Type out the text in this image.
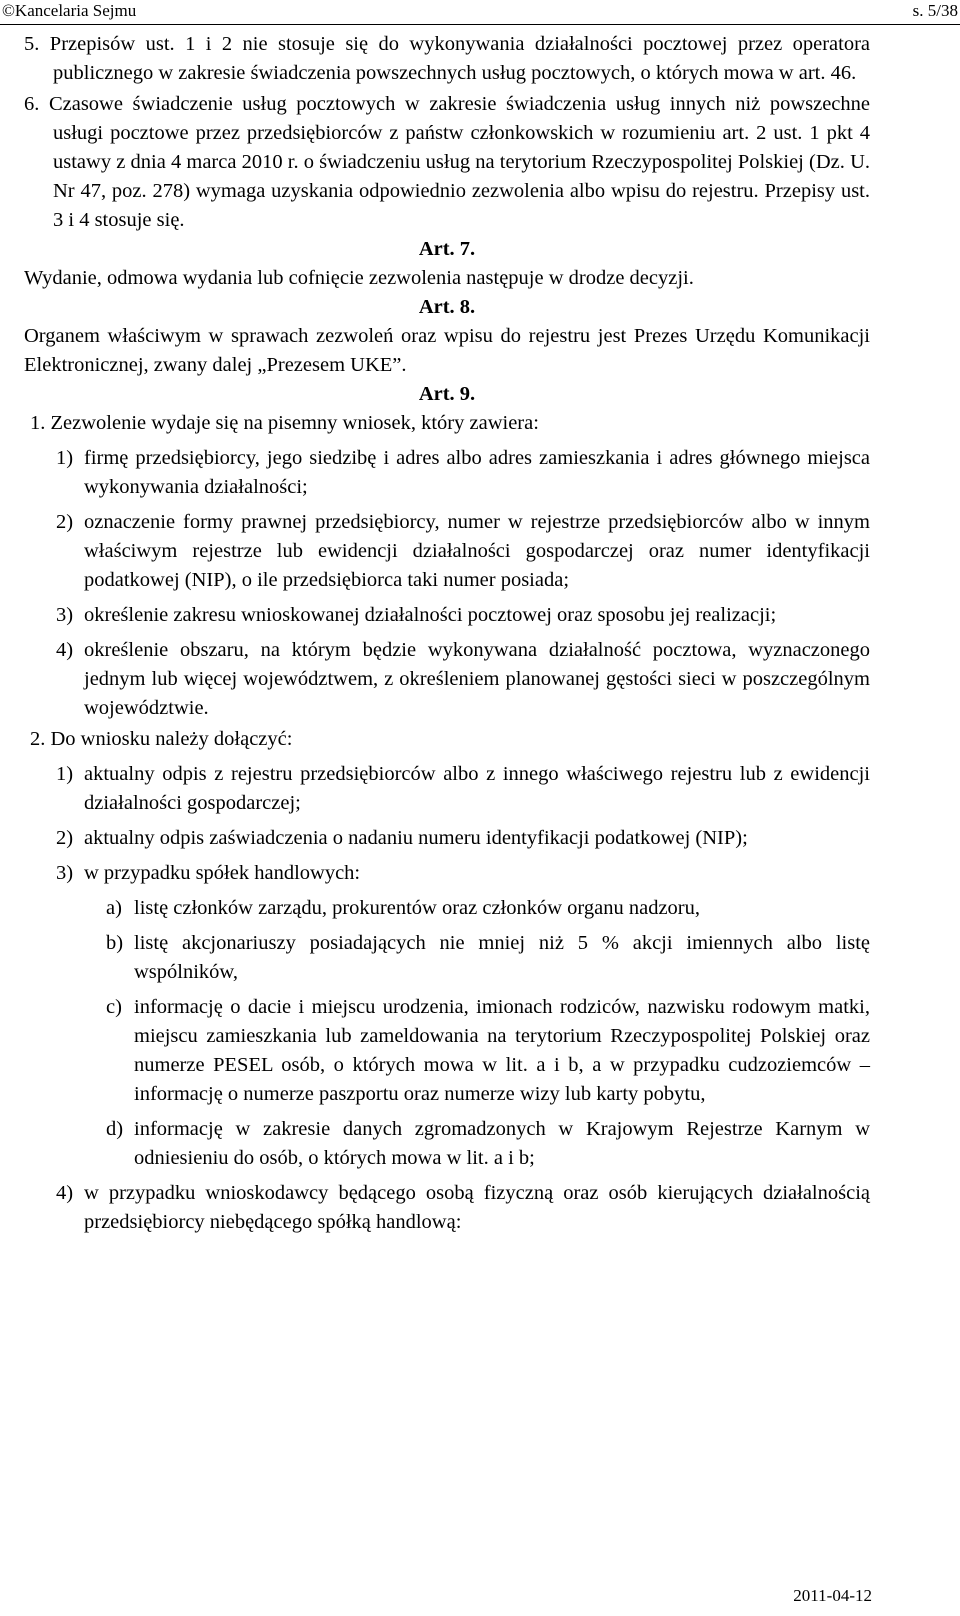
©Kancelaria Sejmu	s. 5/38

5. Przepisów ust. 1 i 2 nie stosuje się do wykonywania działalności pocztowej przez operatora publicznego w zakresie świadczenia powszechnych usług pocztowych, o których mowa w art. 46.

6. Czasowe świadczenie usług pocztowych w zakresie świadczenia usług innych niż powszechne usługi pocztowe przez przedsiębiorców z państw członkowskich w rozumieniu art. 2 ust. 1 pkt 4 ustawy z dnia 4 marca 2010 r. o świadczeniu usług na terytorium Rzeczypospolitej Polskiej (Dz. U. Nr 47, poz. 278) wymaga uzyskania odpowiednio zezwolenia albo wpisu do rejestru. Przepisy ust. 3 i 4 stosuje się.

Art. 7.

Wydanie, odmowa wydania lub cofnięcie zezwolenia następuje w drodze decyzji.

Art. 8.

Organem właściwym w sprawach zezwoleń oraz wpisu do rejestru jest Prezes Urzędu Komunikacji Elektronicznej, zwany dalej „Prezesem UKE”.

Art. 9.

1. Zezwolenie wydaje się na pisemny wniosek, który zawiera:

1) firmę przedsiębiorcy, jego siedzibę i adres albo adres zamieszkania i adres głównego miejsca wykonywania działalności;
2) oznaczenie formy prawnej przedsiębiorcy, numer w rejestrze przedsiębiorców albo w innym właściwym rejestrze lub ewidencji działalności gospodarczej oraz numer identyfikacji podatkowej (NIP), o ile przedsiębiorca taki numer posiada;
3) określenie zakresu wnioskowanej działalności pocztowej oraz sposobu jej realizacji;
4) określenie obszaru, na którym będzie wykonywana działalność pocztowa, wyznaczonego jednym lub więcej województwem, z określeniem planowanej gęstości sieci w poszczególnym województwie.

2. Do wniosku należy dołączyć:

1) aktualny odpis z rejestru przedsiębiorców albo z innego właściwego rejestru lub z ewidencji działalności gospodarczej;
2) aktualny odpis zaświadczenia o nadaniu numeru identyfikacji podatkowej (NIP);
3) w przypadku spółek handlowych:
a) listę członków zarządu, prokurentów oraz członków organu nadzoru,
b) listę akcjonariuszy posiadających nie mniej niż 5 % akcji imiennych albo listę wspólników,
c) informację o dacie i miejscu urodzenia, imionach rodziców, nazwisku rodowym matki, miejscu zamieszkania lub zameldowania na terytorium Rzeczypospolitej Polskiej oraz numerze PESEL osób, o których mowa w lit. a i b, a w przypadku cudzoziemców – informację o numerze paszportu oraz numerze wizy lub karty pobytu,
d) informację w zakresie danych zgromadzonych w Krajowym Rejestrze Karnym w odniesieniu do osób, o których mowa w lit. a i b;
4) w przypadku wnioskodawcy będącego osobą fizyczną oraz osób kierujących działalnością przedsiębiorcy niebędącego spółką handlową:
2011-04-12
